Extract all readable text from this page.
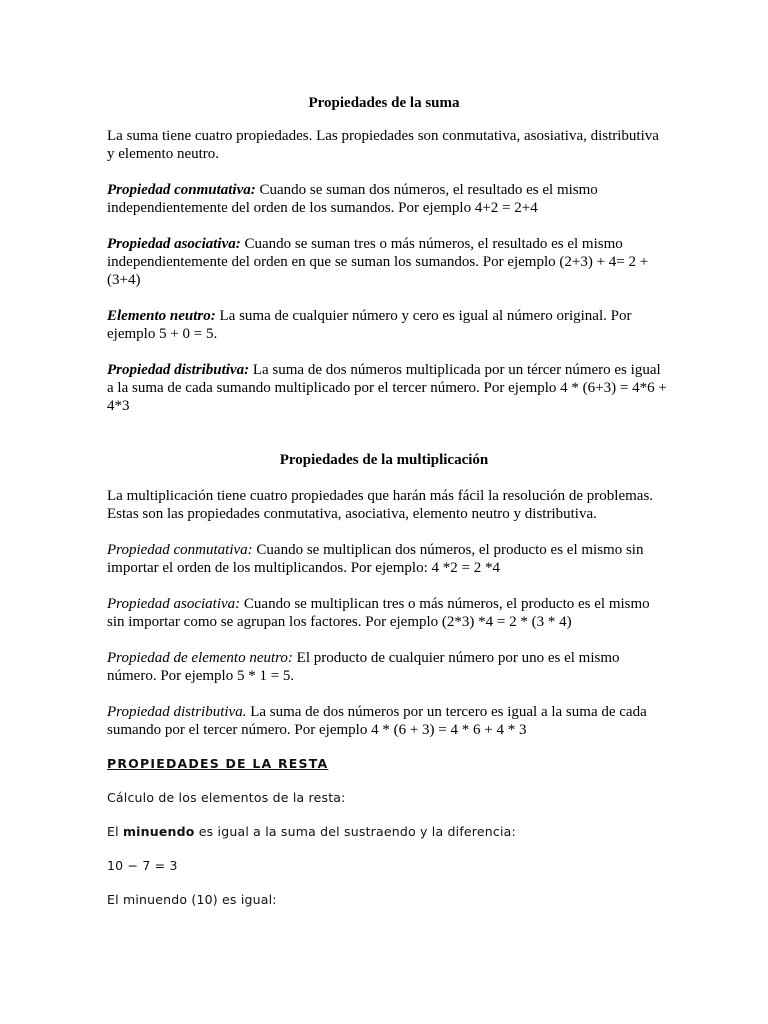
Propiedades de la suma

La suma tiene cuatro propiedades. Las propiedades son conmutativa, asosiativa, distributiva y elemento neutro.

Propiedad conmutativa: Cuando se suman dos números, el resultado es el mismo independientemente del orden de los sumandos. Por ejemplo 4+2 = 2+4

Propiedad asociativa: Cuando se suman tres o más números, el resultado es el mismo independientemente del orden en que se suman los sumandos. Por ejemplo (2+3) + 4= 2 + (3+4)

Elemento neutro: La suma de cualquier número y cero es igual al número original. Por ejemplo 5 + 0 = 5.

Propiedad distributiva: La suma de dos números multiplicada por un tércer número es igual a la suma de cada sumando multiplicado por el tercer número. Por ejemplo 4 * (6+3) = 4*6 + 4*3

Propiedades de la multiplicación

La multiplicación tiene cuatro propiedades que harán más fácil la resolución de problemas. Estas son las propiedades conmutativa, asociativa, elemento neutro y distributiva.

Propiedad conmutativa: Cuando se multiplican dos números, el producto es el mismo sin importar el orden de los multiplicandos. Por ejemplo: 4 *2 = 2 *4

Propiedad asociativa: Cuando se multiplican tres o más números, el producto es el mismo sin importar como se agrupan los factores. Por ejemplo (2*3) *4 = 2 * (3 * 4)

Propiedad de elemento neutro: El producto de cualquier número por uno es el mismo número. Por ejemplo 5 * 1 = 5.

Propiedad distributiva. La suma de dos números por un tercero es igual a la suma de cada sumando por el tercer número. Por ejemplo 4 * (6 + 3) = 4 * 6 + 4 * 3

PROPIEDADES DE LA RESTA

Cálculo de los elementos de la resta:

El minuendo es igual a la suma del sustraendo y la diferencia:

10 − 7 = 3

El minuendo (10) es igual:
